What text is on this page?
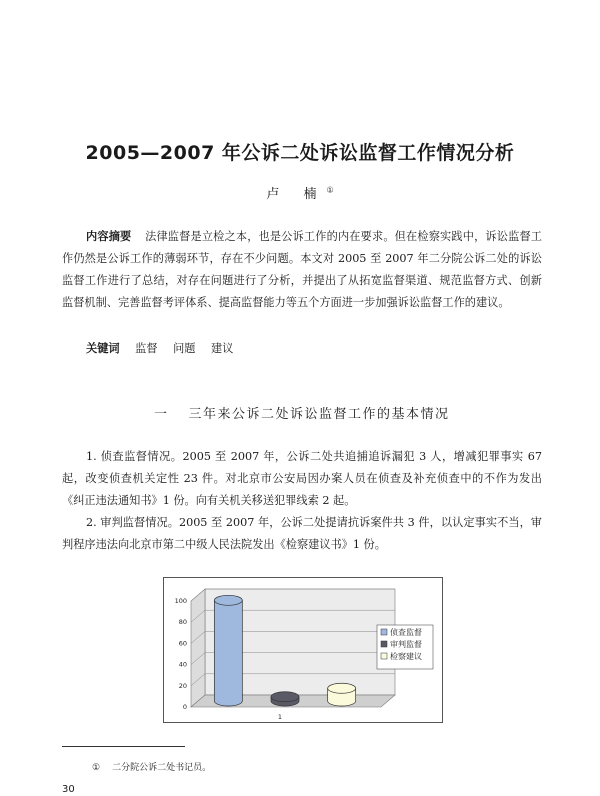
2005—2007 年公诉二处诉讼监督工作情况分析
卢 楠①
内容摘要 法律监督是立检之本，也是公诉工作的内在要求。但在检察实践中，诉讼监督工作仍然是公诉工作的薄弱环节，存在不少问题。本文对 2005 至 2007 年二分院公诉二处的诉讼监督工作进行了总结，对存在问题进行了分析，并提出了从拓宽监督渠道、规范监督方式、创新监督机制、完善监督考评体系、提高监督能力等五个方面进一步加强诉讼监督工作的建议。
关键词 监督 问题 建议
一 三年来公诉二处诉讼监督工作的基本情况

1. 侦查监督情况。2005 至 2007 年，公诉二处共追捕追诉漏犯 3 人，增减犯罪事实 67 起，改变侦查机关定性 23 件。对北京市公安局因办案人员在侦查及补充侦查中的不作为发出《纠正违法通知书》1 份。向有关机关移送犯罪线索 2 起。

2. 审判监督情况。2005 至 2007 年，公诉二处提请抗诉案件共 3 件，以认定事实不当，审判程序违法向北京市第二中级人民法院发出《检察建议书》1 份。

0
20
40
60
80
100
1
侦查监督
审判监督
检察建议
① 二分院公诉二处书记员。
30
